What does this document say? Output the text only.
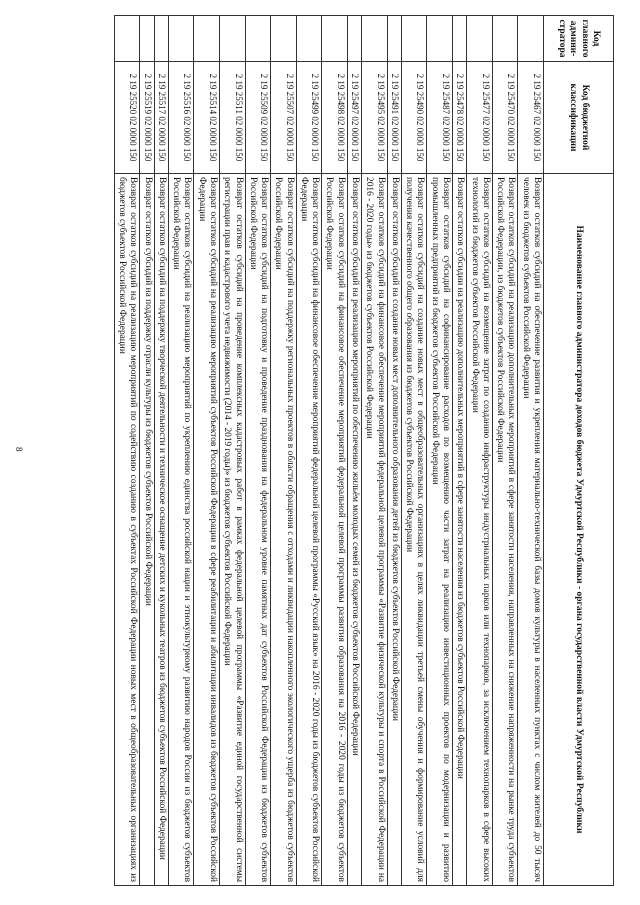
8
Код главного админи-стратора	Код бюджетной классификации	Наименование главного администратора доходов бюджета Удмуртской Республики - органа государственной власти Удмуртской Республики
	2 19 25467 02 0000 150	Возврат остатков субсидий на обеспечение развития и укрепления материально-технической базы домов культуры в населенных пунктах с числом жителей до 50 тысяч человек из бюджетов субъектов Российской Федерации
	2 19 25470 02 0000 150	Возврат остатков субсидий на реализацию дополнительных мероприятий в сфере занятости населения, направленных на снижение напряженности на рынке труда субъектов Российской Федерации, из бюджетов субъектов Российской Федерации
	2 19 25477 02 0000 150	Возврат остатков субсидий на возмещение затрат по созданию инфраструктуры индустриальных парков или технопарков, за исключением технопарков в сфере высоких технологий из бюджетов субъектов Российской Федерации
	2 19 25478 02 0000 150	Возврат остатков субсидии на реализацию дополнительных мероприятий в сфере занятости населения из бюджетов субъектов Российской Федерации
	2 19 25487 02 0000 150	Возврат остатков субсидий на софинансирование расходов по возмещению части затрат на реализацию инвестиционных проектов по модернизации и развитию промышленных предприятий из бюджетов субъектов Российской Федерации
	2 19 25490 02 0000 150	Возврат остатков субсидий на создание новых мест в общеобразовательных организациях в целях ликвидации третьей смены обучения и формирование условий для получения качественного общего образования из бюджетов субъектов Российской Федерации
	2 19 25491 02 0000 150	Возврат остатков субсидий на создание новых мест дополнительного образования детей из бюджетов субъектов Российской Федерации
	2 19 25495 02 0000 150	Возврат остатков субсидий на финансовое обеспечение мероприятий федеральной целевой программы «Развитие физической культуры и спорта в Российской Федерации на 2016 - 2020 годы» из бюджетов субъектов Российской Федерации
	2 19 25497 02 0000 150	Возврат остатков субсидий на реализацию мероприятий по обеспечению жильём молодых семей из бюджетов субъектов Российской Федерации
	2 19 25498 02 0000 150	Возврат остатков субсидий на финансовое обеспечение мероприятий федеральной целевой программы развития образования на 2016 - 2020 годы из бюджетов субъектов Российской Федерации
	2 19 25499 02 0000 150	Возврат остатков субсидий на финансовое обеспечение мероприятий федеральной целевой программы «Русский язык» на 2016 - 2020 годы из бюджетов субъектов Российской Федерации
	2 19 25507 02 0000 150	Возврат остатков субсидий на поддержку региональных проектов в области обращения с отходами и ликвидации накопленного экологического ущерба из бюджетов субъектов Российской Федерации
	2 19 25509 02 0000 150	Возврат остатков субсидий на подготовку и проведение празднования на федеральном уровне памятных дат субъектов Российской Федерации из бюджетов субъектов Российской Федерации
	2 19 25511 02 0000 150	Возврат остатков субсидий на проведение комплексных кадастровых работ в рамках федеральной целевой программы «Развитие единой государственной системы регистрации прав и кадастрового учета недвижимости (2014 - 2019 годы)» из бюджетов субъектов Российской Федерации
	2 19 25514 02 0000 150	Возврат остатков субсидий на реализацию мероприятий субъектов Российской Федерации в сфере реабилитации и абилитации инвалидов из бюджетов субъектов Российской Федерации
	2 19 25516 02 0000 150	Возврат остатков субсидий на реализацию мероприятий по укреплению единства российской нации и этнокультурному развитию народов России из бюджетов субъектов Российской Федерации
	2 19 25517 02 0000 150	Возврат остатков субсидий на поддержку творческой деятельности и техническое оснащение детских и кукольных театров из бюджетов субъектов Российской Федерации
	2 19 25519 02 0000 150	Возврат остатков субсидий на поддержку отрасли культуры из бюджетов субъектов Российской Федерации
	2 19 25520 02 0000 150	Возврат остатков субсидий на реализацию мероприятий по содействию созданию в субъектах Российской Федерации новых мест в общеобразовательных организациях из бюджетов субъектов Российской Федерации
